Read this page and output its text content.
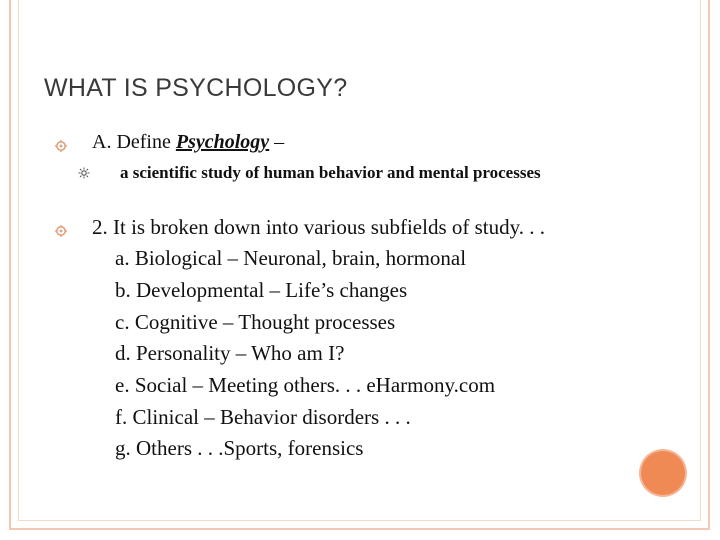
WHAT IS PSYCHOLOGY?

A. Define Psychology –

a scientific study of human behavior and mental processes

2. It is broken down into various subfields of study. . .

a. Biological – Neuronal, brain, hormonal

b. Developmental – Life’s changes

c. Cognitive – Thought processes

d. Personality – Who am I?

e. Social – Meeting others. . . eHarmony.com

f. Clinical – Behavior disorders . . .

g. Others . . .Sports, forensics
